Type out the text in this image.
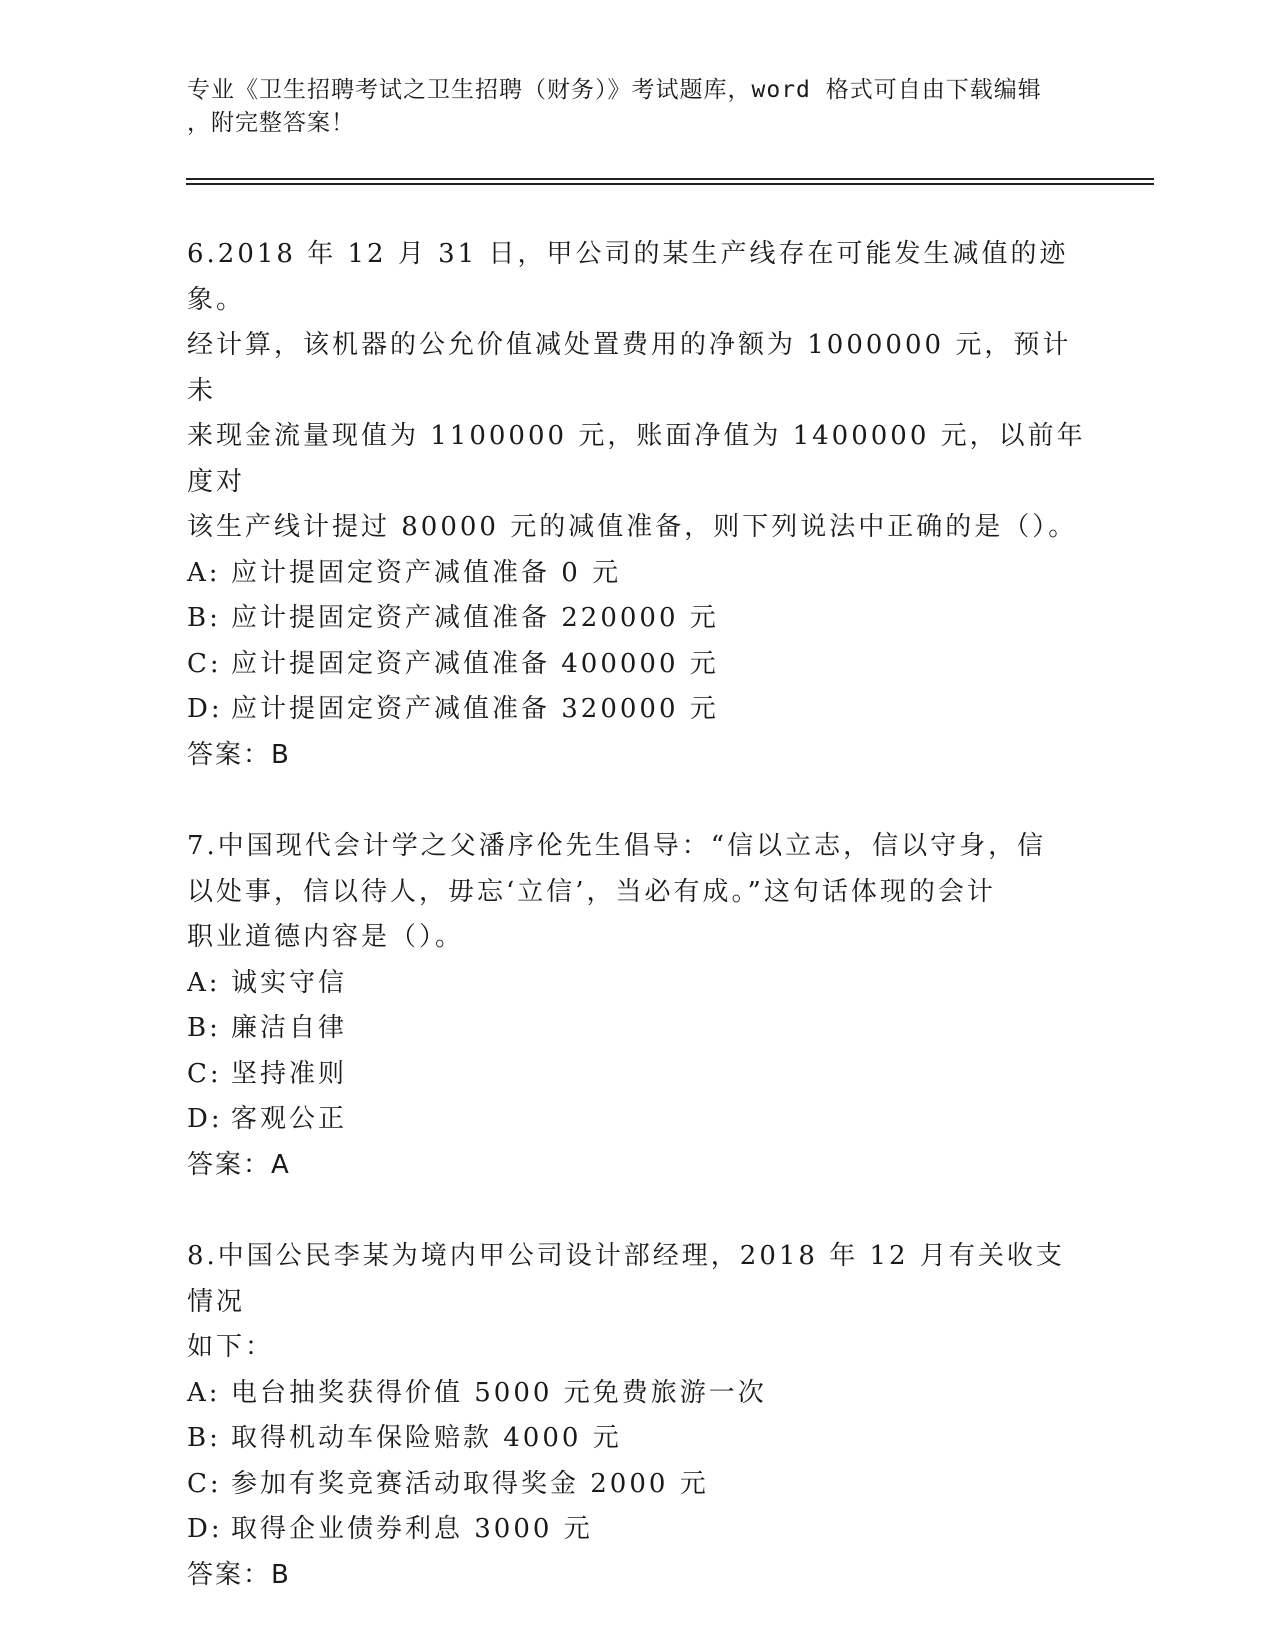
专业《卫生招聘考试之卫生招聘（财务）》考试题库，word 格式可自由下载编辑
，附完整答案！
6.2018 年 12 月 31 日，甲公司的某生产线存在可能发生减值的迹象。
经计算，该机器的公允价值减处置费用的净额为 1000000 元，预计未
来现金流量现值为 1100000 元，账面净值为 1400000 元，以前年度对
该生产线计提过 80000 元的减值准备，则下列说法中正确的是（）。
A: 应计提固定资产减值准备 0 元
B: 应计提固定资产减值准备 220000 元
C: 应计提固定资产减值准备 400000 元
D: 应计提固定资产减值准备 320000 元
答案：B
7.中国现代会计学之父潘序伦先生倡导：“信以立志，信以守身，信
以处事，信以待人，毋忘‘立信’，当必有成。”这句话体现的会计
职业道德内容是（）。
A: 诚实守信
B: 廉洁自律
C: 坚持准则
D: 客观公正
答案：A
8.中国公民李某为境内甲公司设计部经理，2018 年 12 月有关收支情况
如下：
A: 电台抽奖获得价值 5000 元免费旅游一次
B: 取得机动车保险赔款 4000 元
C: 参加有奖竞赛活动取得奖金 2000 元
D: 取得企业债券利息 3000 元
答案：B
